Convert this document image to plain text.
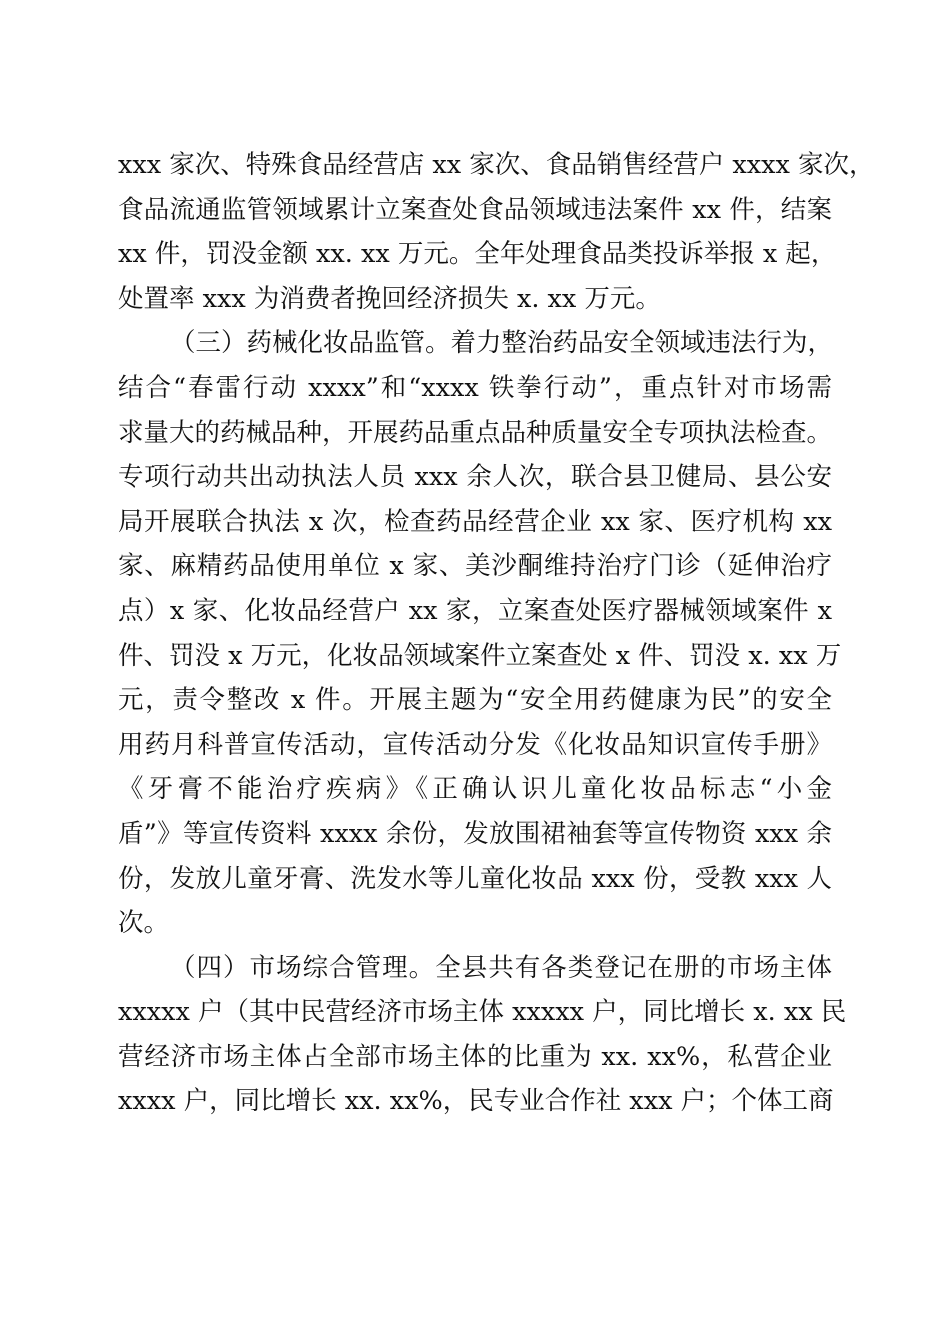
xxx 家次、特殊食品经营店 xx 家次、食品销售经营户 xxxx 家次，
食品流通监管领域累计立案查处食品领域违法案件 xx 件，结案
xx 件，罚没金额 xx. xx 万元。全年处理食品类投诉举报 x 起，
处置率 xxx 为消费者挽回经济损失 x. xx 万元。
（三）药械化妆品监管。着力整治药品安全领域违法行为，
结合“春雷行动 xxxx”和“xxxx 铁拳行动”，重点针对市场需
求量大的药械品种，开展药品重点品种质量安全专项执法检查。
专项行动共出动执法人员 xxx 余人次，联合县卫健局、县公安
局开展联合执法 x 次，检查药品经营企业 xx 家、医疗机构 xx
家、麻精药品使用单位 x 家、美沙酮维持治疗门诊（延伸治疗
点）x 家、化妆品经营户 xx 家，立案查处医疗器械领域案件 x
件、罚没 x 万元，化妆品领域案件立案查处 x 件、罚没 x. xx 万
元，责令整改 x 件。开展主题为“安全用药健康为民”的安全
用药月科普宣传活动，宣传活动分发《化妆品知识宣传手册》
《牙膏不能治疗疾病》《正确认识儿童化妆品标志“小金
盾”》等宣传资料 xxxx 余份，发放围裙袖套等宣传物资 xxx 余
份，发放儿童牙膏、洗发水等儿童化妆品 xxx 份，受教 xxx 人
次。
（四）市场综合管理。全县共有各类登记在册的市场主体
xxxxx 户（其中民营经济市场主体 xxxxx 户，同比增长 x. xx 民
营经济市场主体占全部市场主体的比重为 xx. xx%，私营企业
xxxx 户，同比增长 xx. xx%，民专业合作社 xxx 户；个体工商
